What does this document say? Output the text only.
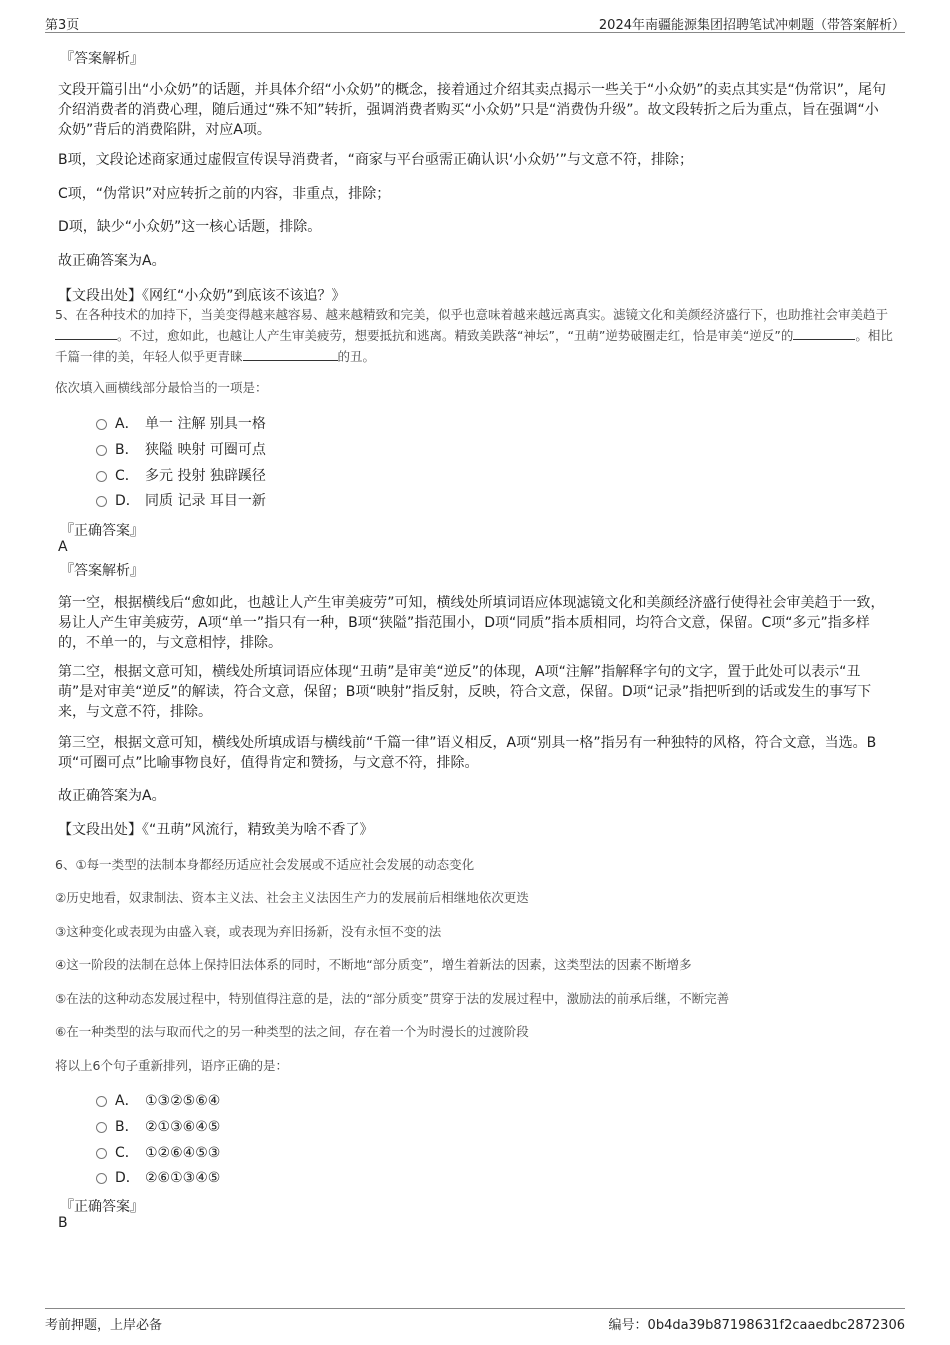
第3页	2024年南疆能源集团招聘笔试冲刺题（带答案解析）
『答案解析』
文段开篇引出“小众奶”的话题，并具体介绍“小众奶”的概念，接着通过介绍其卖点揭示一些关于“小众奶”的卖点其实是“伪常识”，尾句介绍消费者的消费心理，随后通过“殊不知”转折，强调消费者购买“小众奶”只是“消费伪升级”。故文段转折之后为重点，旨在强调“小众奶”背后的消费陷阱，对应A项。
B项，文段论述商家通过虚假宣传误导消费者，“商家与平台亟需正确认识‘小众奶’”与文意不符，排除；
C项，“伪常识”对应转折之前的内容，非重点，排除；
D项，缺少“小众奶”这一核心话题，排除。
故正确答案为A。
【文段出处】《网红“小众奶”到底该不该追？》
5、在各种技术的加持下，当美变得越来越容易、越来越精致和完美，似乎也意味着越来越远离真实。滤镜文化和美颜经济盛行下，也助推社会审美趋于。不过，愈如此，也越让人产生审美疲劳，想要抵抗和逃离。精致美跌落“神坛”，“丑萌”逆势破圈走红，恰是审美“逆反”的	。相比千篇一律的美，年轻人似乎更青睐	的丑。
依次填入画横线部分最恰当的一项是：
A． 单一 注解 别具一格
B． 狭隘 映射 可圈可点
C． 多元 投射 独辟蹊径
D． 同质 记录 耳目一新
『正确答案』
A
『答案解析』
第一空，根据横线后“愈如此，也越让人产生审美疲劳”可知，横线处所填词语应体现滤镜文化和美颜经济盛行使得社会审美趋于一致，易让人产生审美疲劳，A项“单一”指只有一种，B项“狭隘”指范围小，D项“同质”指本质相同，均符合文意，保留。C项“多元”指多样的，不单一的，与文意相悖，排除。
第二空，根据文意可知，横线处所填词语应体现“丑萌”是审美“逆反”的体现，A项“注解”指解释字句的文字，置于此处可以表示“丑萌”是对审美“逆反”的解读，符合文意，保留；B项“映射”指反射，反映，符合文意，保留。D项“记录”指把听到的话或发生的事写下来，与文意不符，排除。
第三空，根据文意可知，横线处所填成语与横线前“千篇一律”语义相反，A项“别具一格”指另有一种独特的风格，符合文意，当选。B项“可圈可点”比喻事物良好，值得肯定和赞扬，与文意不符，排除。
故正确答案为A。
【文段出处】《“丑萌”风流行，精致美为啥不香了》
6、①每一类型的法制本身都经历适应社会发展或不适应社会发展的动态变化
②历史地看，奴隶制法、资本主义法、社会主义法因生产力的发展前后相继地依次更迭
③这种变化或表现为由盛入衰，或表现为弃旧扬新，没有永恒不变的法
④这一阶段的法制在总体上保持旧法体系的同时，不断地“部分质变”，增生着新法的因素，这类型法的因素不断增多
⑤在法的这种动态发展过程中，特别值得注意的是，法的“部分质变”贯穿于法的发展过程中，激励法的前承后继，不断完善
⑥在一种类型的法与取而代之的另一种类型的法之间，存在着一个为时漫长的过渡阶段
将以上6个句子重新排列，语序正确的是：
A． ①③②⑤⑥④
B． ②①③⑥④⑤
C． ①②⑥④⑤③
D． ②⑥①③④⑤
『正确答案』
B
考前押题，上岸必备	编号：0b4da39b87198631f2caaedbc2872306
